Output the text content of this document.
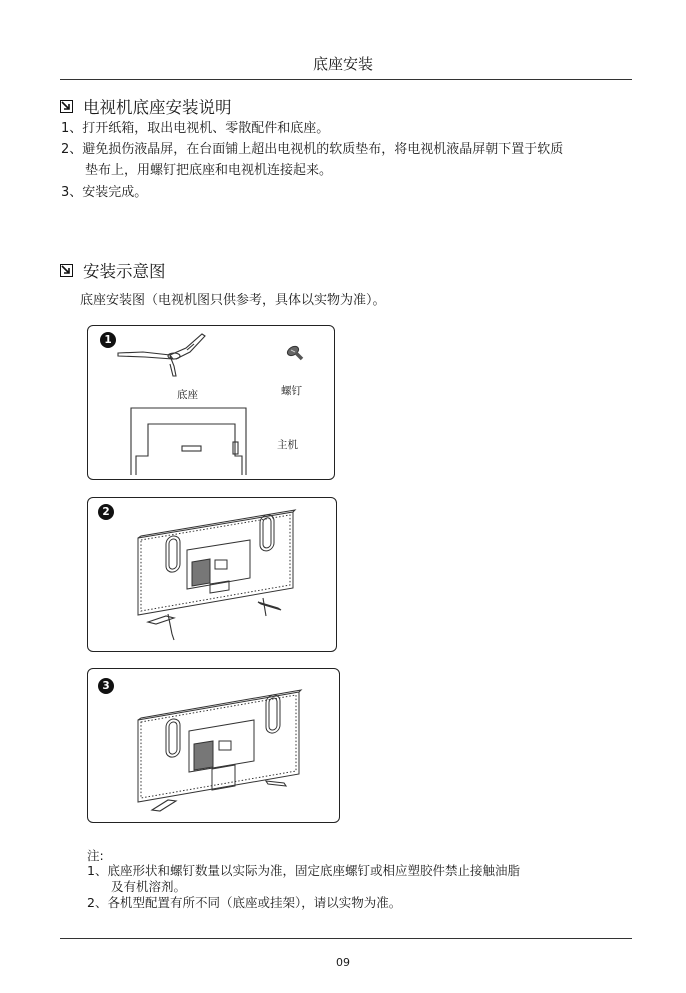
底座安装
电视机底座安装说明
1、打开纸箱，取出电视机、零散配件和底座。
2、避免损伤液晶屏，在台面铺上超出电视机的软质垫布，将电视机液晶屏朝下置于软质
垫布上，用螺钉把底座和电视机连接起来。
3、安装完成。
安装示意图
底座安装图（电视机图只供参考，具体以实物为准）。
1
底座	螺钉
主机
2
3
注:
1、底座形状和螺钉数量以实际为准，固定底座螺钉或相应塑胶件禁止接触油脂
及有机溶剂。
2、各机型配置有所不同（底座或挂架），请以实物为准。
09
